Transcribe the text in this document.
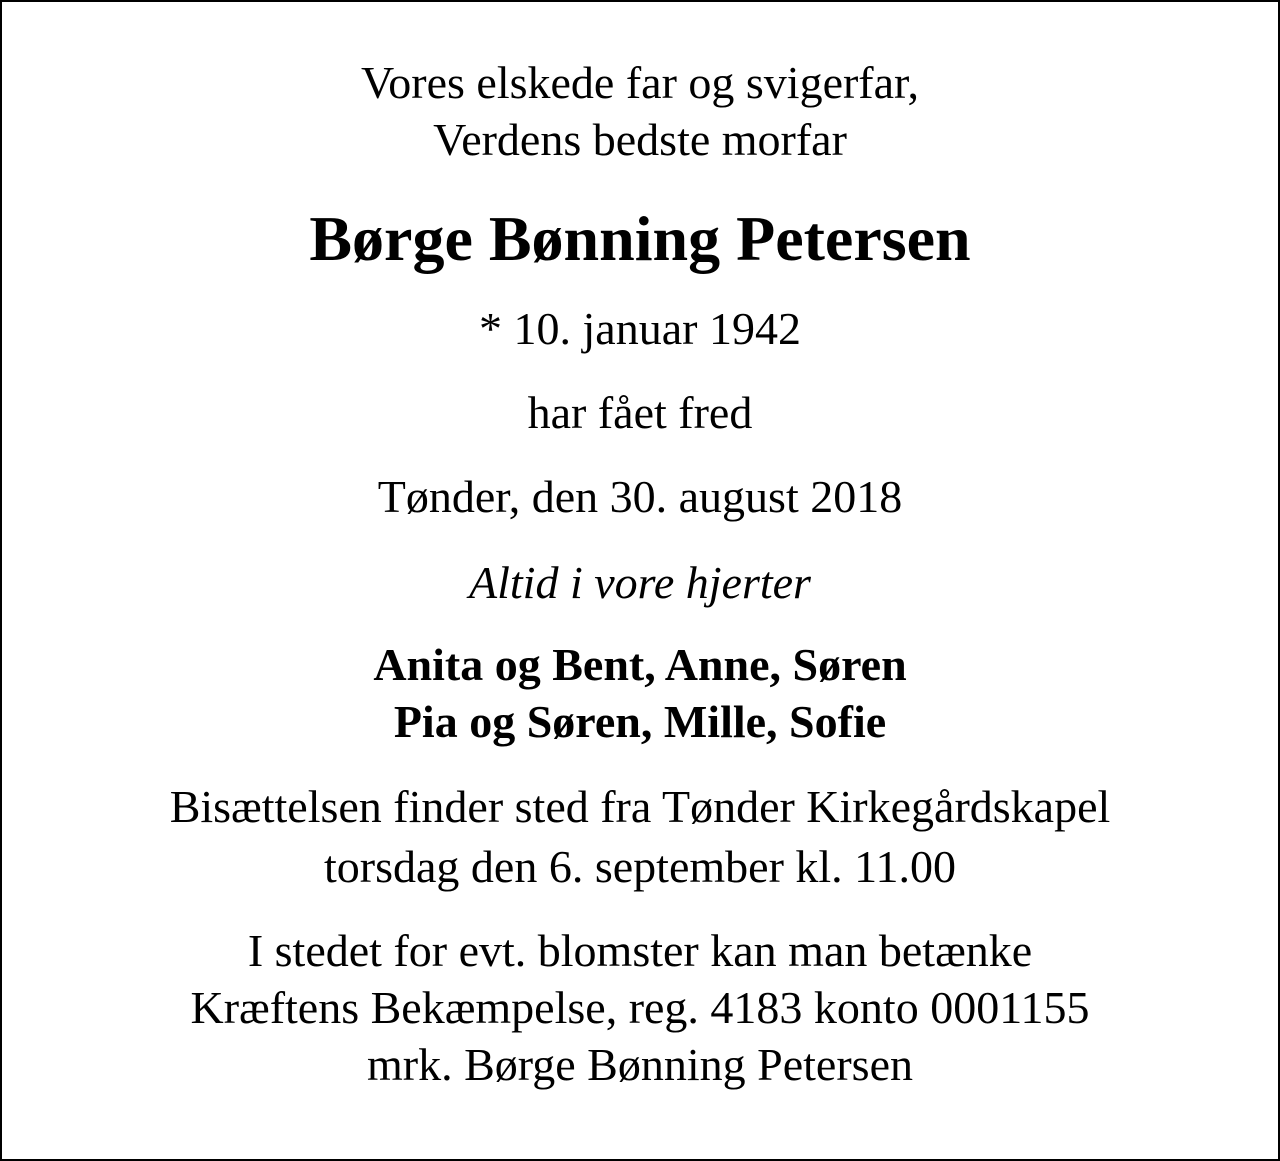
Vores elskede far og svigerfar,
Verdens bedste morfar
Børge Bønning Petersen
* 10. januar 1942
har fået fred
Tønder, den 30. august 2018
Altid i vore hjerter
Anita og Bent, Anne, Søren
Pia og Søren, Mille, Sofie
Bisættelsen finder sted fra Tønder Kirkegårdskapel
torsdag den 6. september kl. 11.00
I stedet for evt. blomster kan man betænke
Kræftens Bekæmpelse, reg. 4183 konto 0001155
mrk. Børge Bønning Petersen
